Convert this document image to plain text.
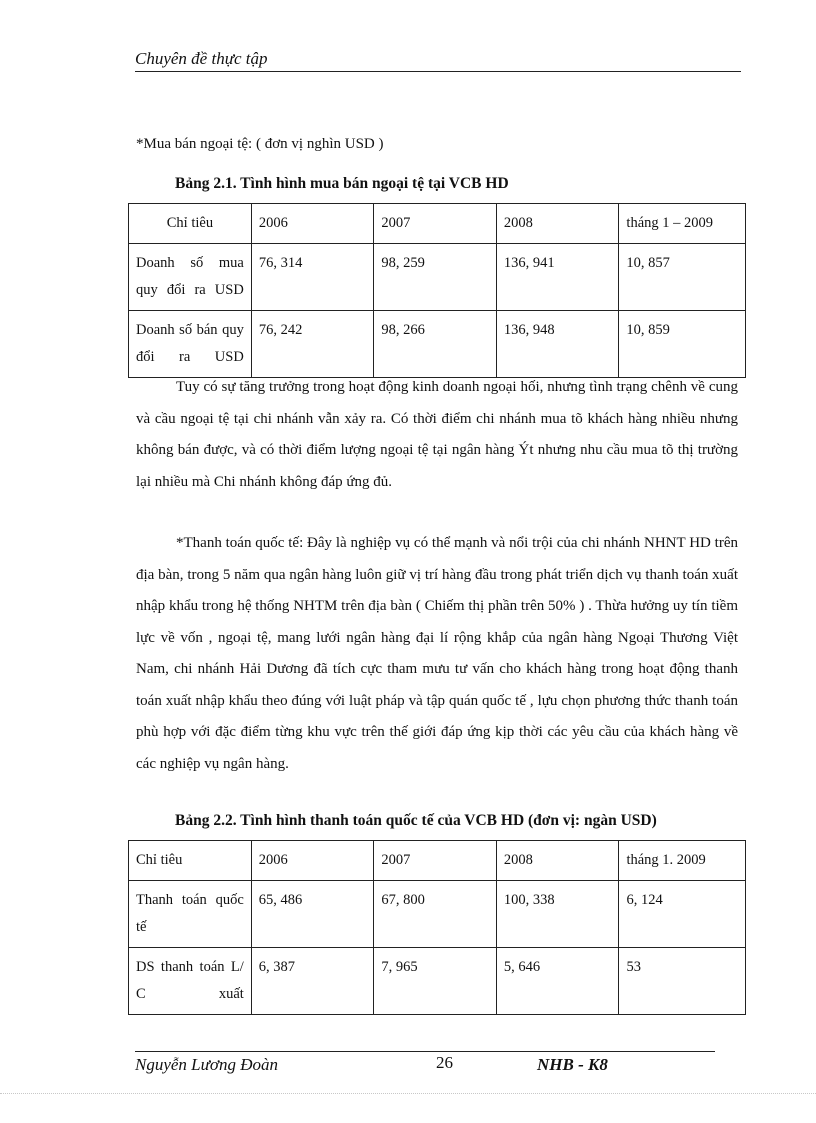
Chuyên đề thực tập
*Mua bán ngoại tệ: ( đơn vị nghìn USD )
Bảng 2.1. Tình hình mua bán ngoại tệ tại VCB HD
Chỉ tiêu	2006	2007	2008	tháng 1 – 2009
Doanh số mua quy đổi ra USD	76, 314	98, 259	136, 941	10, 857
Doanh số bán quy đổi ra USD	76, 242	98, 266	136, 948	10, 859

Tuy có sự tăng trưởng trong hoạt động kinh doanh ngoại hối, nhưng tình trạng chênh về cung và cầu ngoại tệ tại chi nhánh vẫn xảy ra. Có thời điểm chi nhánh mua tõ khách hàng nhiều nhưng không bán được, và có thời điểm lượng ngoại tệ tại ngân hàng Ýt nhưng nhu cầu mua tõ thị trường lại nhiều mà Chi nhánh không đáp ứng đủ.

*Thanh toán quốc tế: Đây là nghiệp vụ có thể mạnh và nổi trội của chi nhánh NHNT HD trên địa bàn, trong 5 năm qua ngân hàng luôn giữ vị trí hàng đầu trong phát triển dịch vụ thanh toán xuất nhập khẩu trong hệ thống NHTM trên địa bàn ( Chiếm thị phần trên 50% ) . Thừa hưởng uy tín tiềm lực về vốn , ngoại tệ, mang lưới ngân hàng đại lí rộng khắp của ngân hàng Ngoại Thương Việt Nam, chi nhánh Hải Dương đã tích cực tham mưu tư vấn cho khách hàng trong hoạt động thanh toán xuất nhập khẩu theo đúng với luật pháp và tập quán quốc tế , lựu chọn phương thức thanh toán phù hợp với đặc điểm từng khu vực trên thế giới đáp ứng kịp thời các yêu cầu của khách hàng về các nghiệp vụ ngân hàng.

Bảng 2.2. Tình hình thanh toán quốc tế của VCB HD (đơn vị: ngàn USD)
Chỉ tiêu	2006	2007	2008	tháng 1. 2009
Thanh toán quốc tế	65, 486	67, 800	100, 338	6, 124
DS thanh toán L/ C xuất	6, 387	7, 965	5, 646	53
Nguyễn Lương Đoàn	26	NHB - K8
